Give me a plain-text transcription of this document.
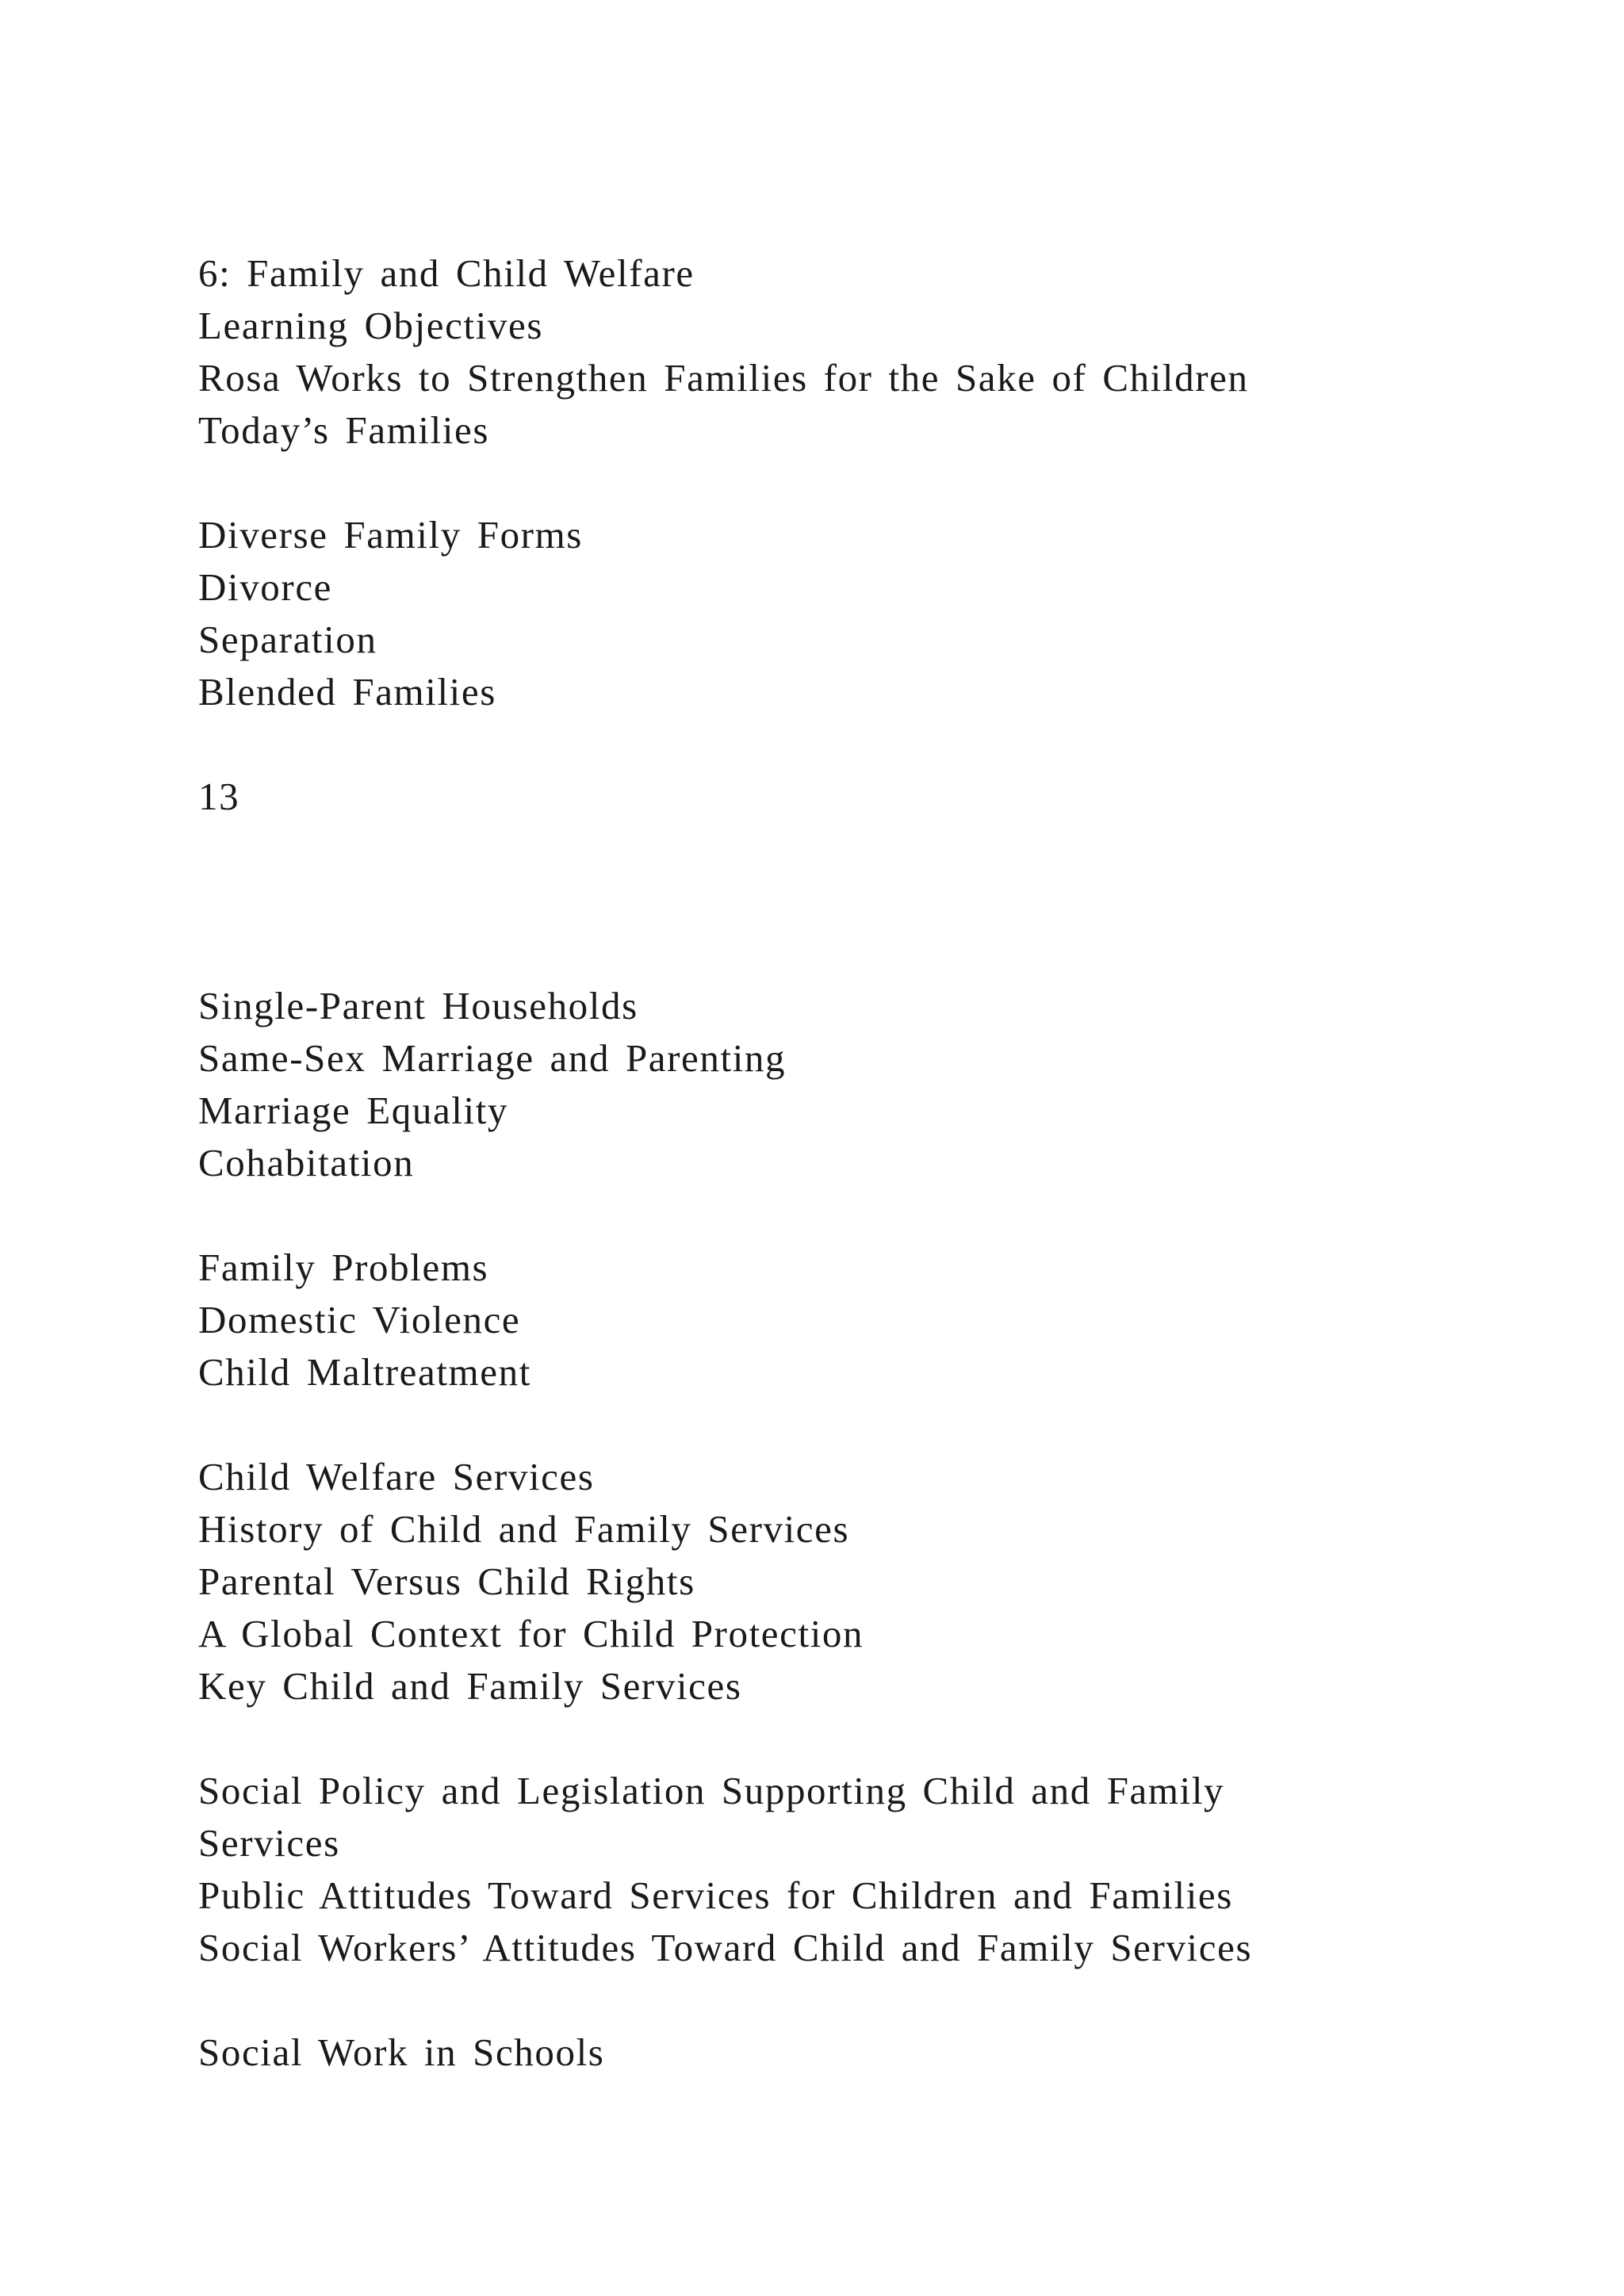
6: Family and Child Welfare
Learning Objectives
Rosa Works to Strengthen Families for the Sake of Children
Today’s Families
Diverse Family Forms
Divorce
Separation
Blended Families
13
Single-Parent Households
Same-Sex Marriage and Parenting
Marriage Equality
Cohabitation
Family Problems
Domestic Violence
Child Maltreatment
Child Welfare Services
History of Child and Family Services
Parental Versus Child Rights
A Global Context for Child Protection
Key Child and Family Services
Social Policy and Legislation Supporting Child and Family
Services
Public Attitudes Toward Services for Children and Families
Social Workers’ Attitudes Toward Child and Family Services
Social Work in Schools
